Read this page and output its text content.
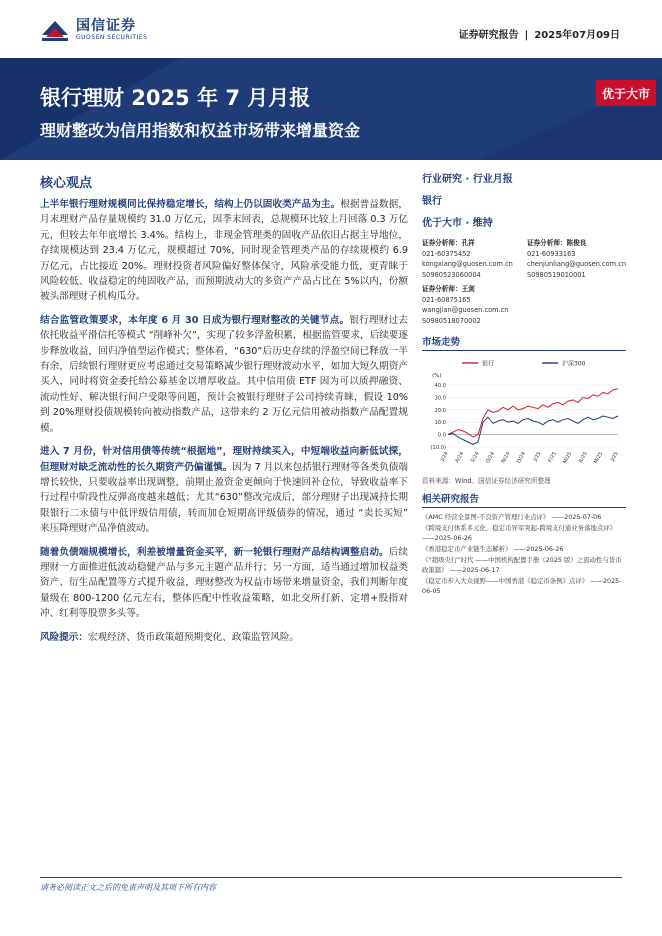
国信证券
GUOSEN SECURITIES	证券研究报告 | 2025年07月09日
银行理财 2025 年 7 月月报
理财整改为信用指数和权益市场带来增量资金
优于大市
核心观点

上半年银行理财规模同比保持稳定增长，结构上仍以固收类产品为主。根据普益数据，月末理财产品存量规模约 31.0 万亿元，因季末回表，总规模环比较上月回落 0.3 万亿元，但较去年年底增长 3.4%。结构上，非现金管理类的固收产品依旧占据主导地位，存续规模达到 23.4 万亿元，规模超过 70%，同时现金管理类产品的存续规模约 6.9 万亿元，占比接近 20%。理财投资者风险偏好整体保守，风险承受能力低，更青睐于风险较低、收益稳定的纯固收产品，而预期波动大的多资产产品占比在 5%以内，份额被头部理财子机构瓜分。

结合监管政策要求，本年度 6 月 30 日成为银行理财整改的关键节点。银行理财过去依托收益平滑信托等模式 “削峰补欠”，实现了较多浮盈积累，根据监管要求，后续要逐步释放收益，回归净值型运作模式；整体看，“630”后历史存续的浮盈空间已释放一半有余，后续银行理财更应考虑通过交易策略减少银行理财波动水平，如加大短久期资产买入，同时将资金委托给公募基金以增厚收益。其中信用债 ETF 因为可以质押融资、流动性好、解决银行间户受限等问题，预计会被银行理财子公司持续青睐，假设 10%到 20%理财投债规模转向被动指数产品，这带来约 2 万亿元信用被动指数产品配置规模。

进入 7 月份，针对信用债等传统“根据地”，理财持续买入，中短端收益向新低试探，但理财对缺乏流动性的长久期资产仍偏谨慎。因为 7 月以来包括银行理财等各类负债端增长较快，只要收益率出现调整，前期止盈资金更倾向于快速回补仓位，导致收益率下行过程中阶段性反弹高度越来越低；尤其“630”整改完成后，部分理财子出现减持长期限银行二永债与中低评级信用债，转而加仓短期高评级债券的情况，通过 “卖长买短” 来压降理财产品净值波动。

随着负债端规模增长，利差被增量资金买平，新一轮银行理财产品结构调整启动。后续理财一方面推进低波动稳健产品与多元主题产品并行；另一方面，适当通过增加权益类资产、衍生品配置等方式提升收益，理财整改为权益市场带来增量资金，我们判断年度量级在 800-1200 亿元左右，整体匹配中性收益策略，如北交所打新、定增+股指对冲、红利等股票多头等。

风险提示：宏观经济、货币政策超预期变化、政策监管风险。

行业研究 · 行业月报
银行
优于大市 · 维持
证券分析师：孔祥
021-60375452
kongxiang@guosen.com.cn
S0980523060004
证券分析师：陈俊良
021-60933163
chenjunliang@guosen.com.cn
S0980519010001
证券分析师：王剑
021-60875165
wangjian@guosen.com.cn
S0980518070002
市场走势
银行	沪深300
(%)
40.0
30.0
20.0
10.0
0.0
(10.0)
J/24 A/24 S/24 O/24 N/24 D/24 J/25 F/25 M/25 A/25 M/25 J/25
资料来源：Wind、国信证券经济研究所整理
相关研究报告
《AMC 经营全景图-不良资产管理行业点评》 ——2025-07-06
《跨境支付体系多元化，稳定币异军突起-跨境支付通业务落地点评》 ——2025-06-26
《香港稳定币产业链生态解析》 ——2025-06-26
《“超级央行”时代 ——中国机构配置手册（2025 版）之流动性与货币政策篇》 ——2025-06-17
《稳定币步入大众视野——中国香港《稳定币条例》点评》 ——2025-06-05
请务必阅读正文之后的免责声明及其项下所有内容
